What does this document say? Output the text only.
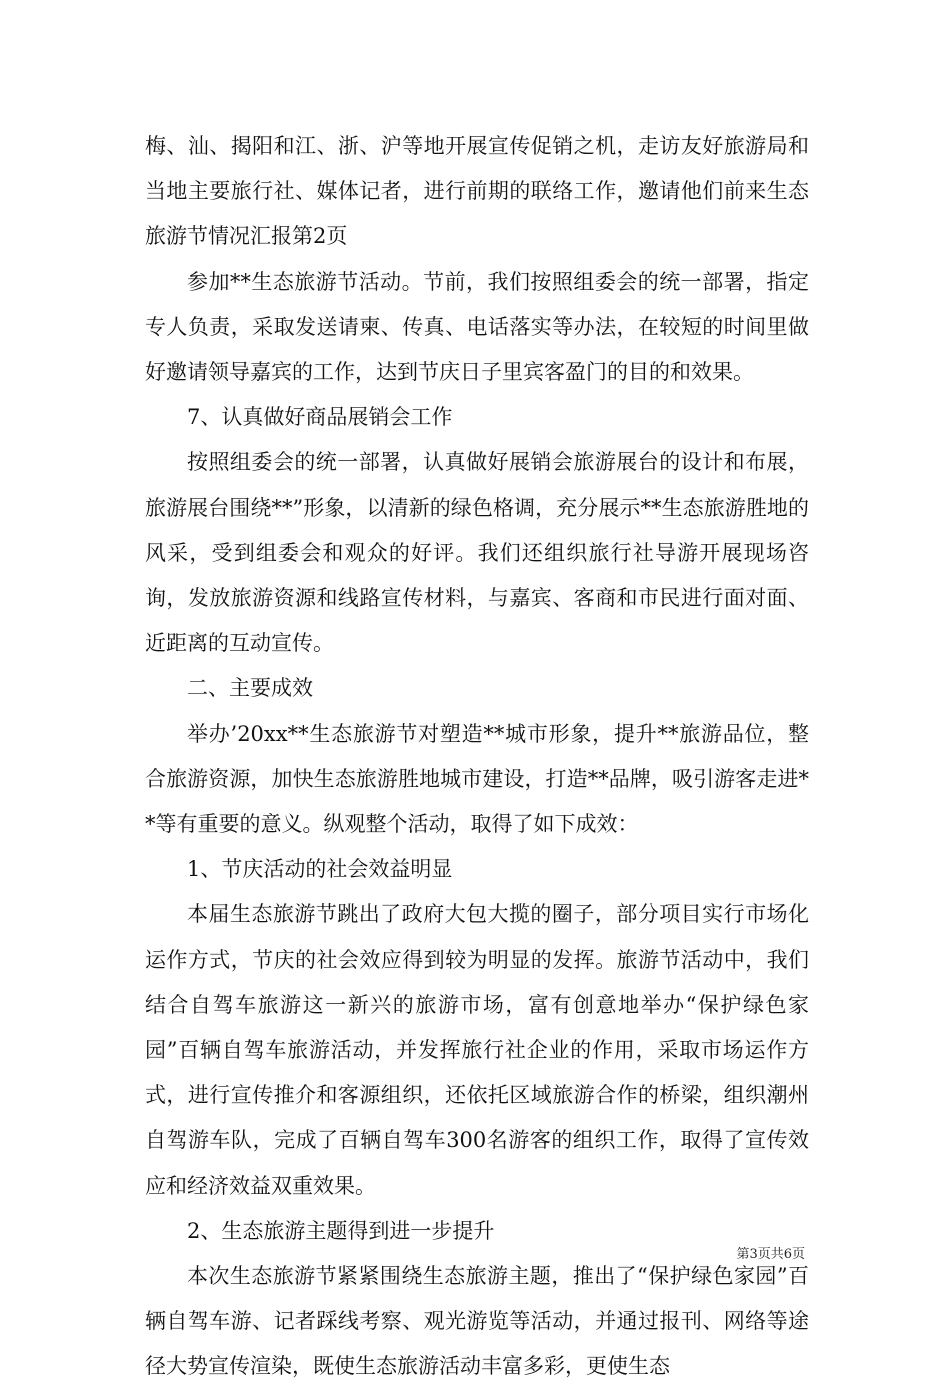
梅、汕、揭阳和江、浙、沪等地开展宣传促销之机，走访友好旅游局和当地主要旅行社、媒体记者，进行前期的联络工作，邀请他们前来生态旅游节情况汇报第2页

参加**生态旅游节活动。节前，我们按照组委会的统一部署，指定专人负责，采取发送请柬、传真、电话落实等办法，在较短的时间里做好邀请领导嘉宾的工作，达到节庆日子里宾客盈门的目的和效果。

7、认真做好商品展销会工作

按照组委会的统一部署，认真做好展销会旅游展台的设计和布展，旅游展台围绕**”形象，以清新的绿色格调，充分展示**生态旅游胜地的风采，受到组委会和观众的好评。我们还组织旅行社导游开展现场咨询，发放旅游资源和线路宣传材料，与嘉宾、客商和市民进行面对面、近距离的互动宣传。

二、主要成效

举办’20xx**生态旅游节对塑造**城市形象，提升**旅游品位，整合旅游资源，加快生态旅游胜地城市建设，打造**品牌，吸引游客走进**等有重要的意义。纵观整个活动，取得了如下成效：

1、节庆活动的社会效益明显

本届生态旅游节跳出了政府大包大揽的圈子，部分项目实行市场化运作方式，节庆的社会效应得到较为明显的发挥。旅游节活动中，我们结合自驾车旅游这一新兴的旅游市场，富有创意地举办“保护绿色家园”百辆自驾车旅游活动，并发挥旅行社企业的作用，采取市场运作方式，进行宣传推介和客源组织，还依托区域旅游合作的桥梁，组织潮州自驾游车队，完成了百辆自驾车300名游客的组织工作，取得了宣传效应和经济效益双重效果。

2、生态旅游主题得到进一步提升

本次生态旅游节紧紧围绕生态旅游主题，推出了“保护绿色家园”百辆自驾车游、记者踩线考察、观光游览等活动，并通过报刊、网络等途径大势宣传渲染，既使生态旅游活动丰富多彩，更使生态

第3页共6页
